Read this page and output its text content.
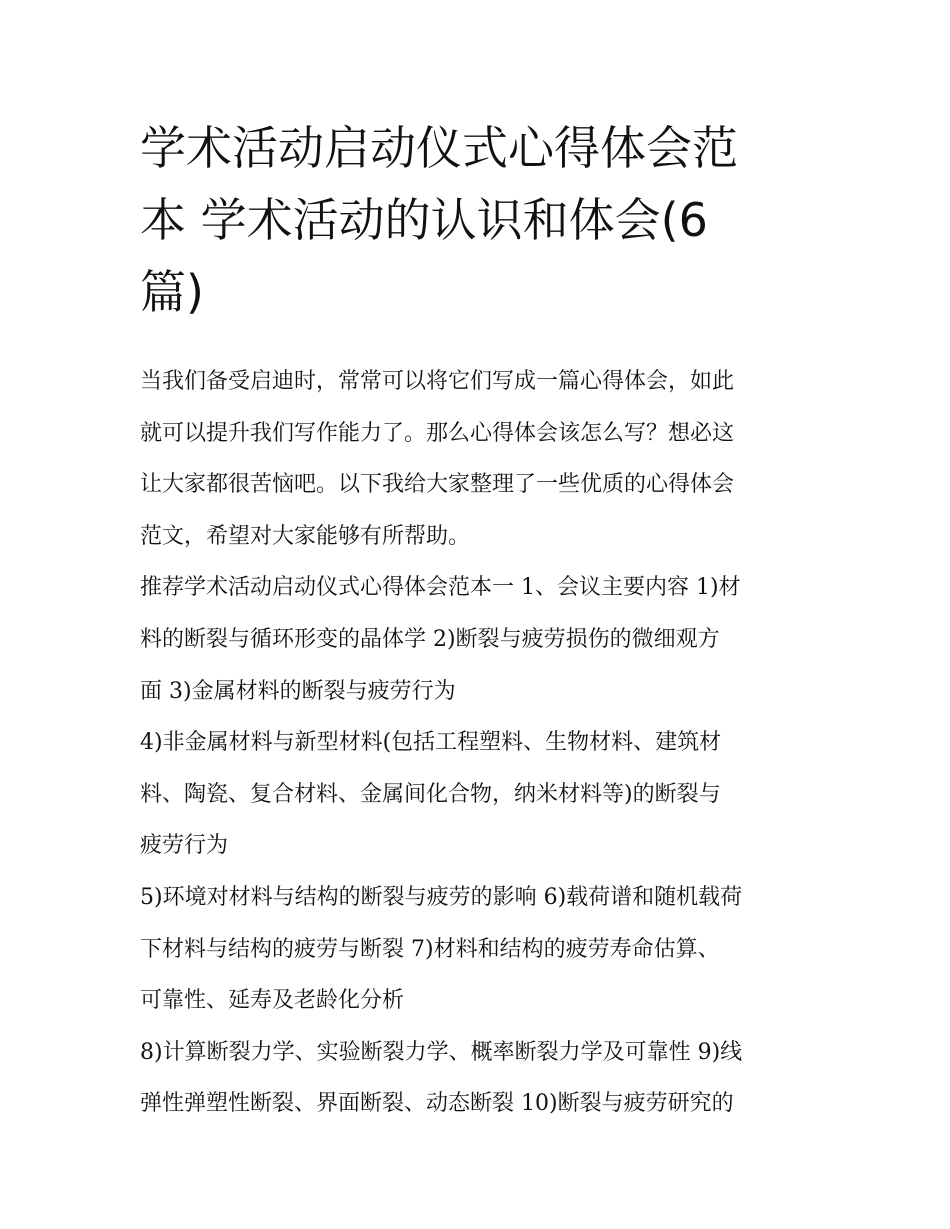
学术活动启动仪式心得体会范
本 学术活动的认识和体会(6
篇)

当我们备受启迪时，常常可以将它们写成一篇心得体会，如此
就可以提升我们写作能力了。那么心得体会该怎么写？想必这
让大家都很苦恼吧。以下我给大家整理了一些优质的心得体会
范文，希望对大家能够有所帮助。

推荐学术活动启动仪式心得体会范本一 1、会议主要内容 1)材
料的断裂与循环形变的晶体学 2)断裂与疲劳损伤的微细观方
面 3)金属材料的断裂与疲劳行为

4)非金属材料与新型材料(包括工程塑料、生物材料、建筑材
料、陶瓷、复合材料、金属间化合物，纳米材料等)的断裂与
疲劳行为

5)环境对材料与结构的断裂与疲劳的影响 6)载荷谱和随机载荷
下材料与结构的疲劳与断裂 7)材料和结构的疲劳寿命估算、
可靠性、延寿及老龄化分析

8)计算断裂力学、实验断裂力学、概率断裂力学及可靠性 9)线
弹性弹塑性断裂、界面断裂、动态断裂 10)断裂与疲劳研究的
